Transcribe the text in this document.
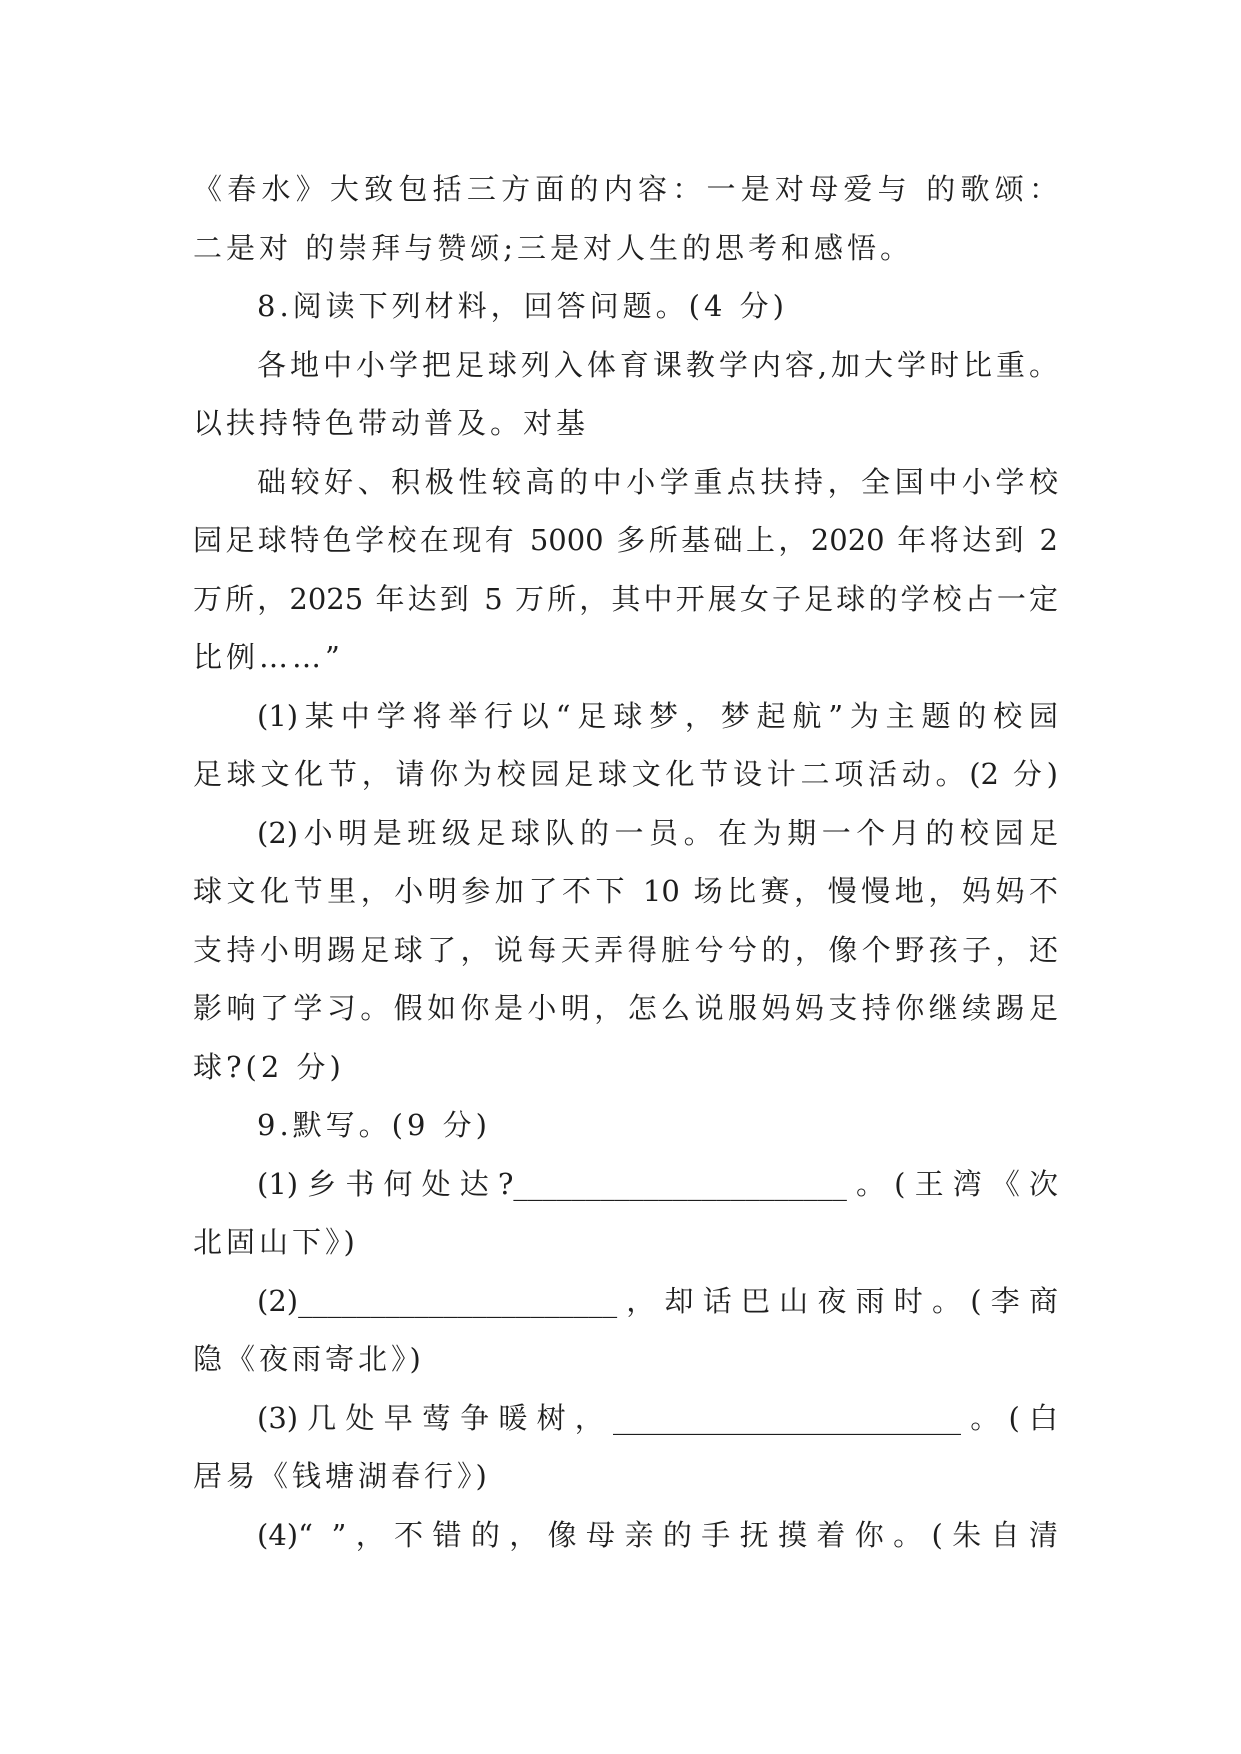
《春水》大致包括三方面的内容：一是对母爱与 的歌颂：
二是对 的崇拜与赞颂;三是对人生的思考和感悟。
8.阅读下列材料，回答问题。(4 分)
各地中小学把足球列入体育课教学内容,加大学时比重。
以扶持特色带动普及。对基
础较好、积极性较高的中小学重点扶持，全国中小学校
园足球特色学校在现有 5000 多所基础上，2020 年将达到 2
万所，2025 年达到 5 万所，其中开展女子足球的学校占一定
比例……”
(1)某中学将举行以“足球梦，梦起航”为主题的校园
足球文化节，请你为校园足球文化节设计二项活动。(2 分)
(2)小明是班级足球队的一员。在为期一个月的校园足
球文化节里，小明参加了不下 10 场比赛，慢慢地，妈妈不
支持小明踢足球了，说每天弄得脏兮兮的，像个野孩子，还
影响了学习。假如你是小明，怎么说服妈妈支持你继续踢足
球?(2 分)
9.默写。(9 分)
(1)乡书何处达?_______________________。(王湾《次
北固山下》)
(2)______________________，却话巴山夜雨时。(李商
隐《夜雨寄北》)
(3)几处早莺争暖树，________________________。(白
居易《钱塘湖春行》)
(4)“ ”，不错的，像母亲的手抚摸着你。(朱自清
